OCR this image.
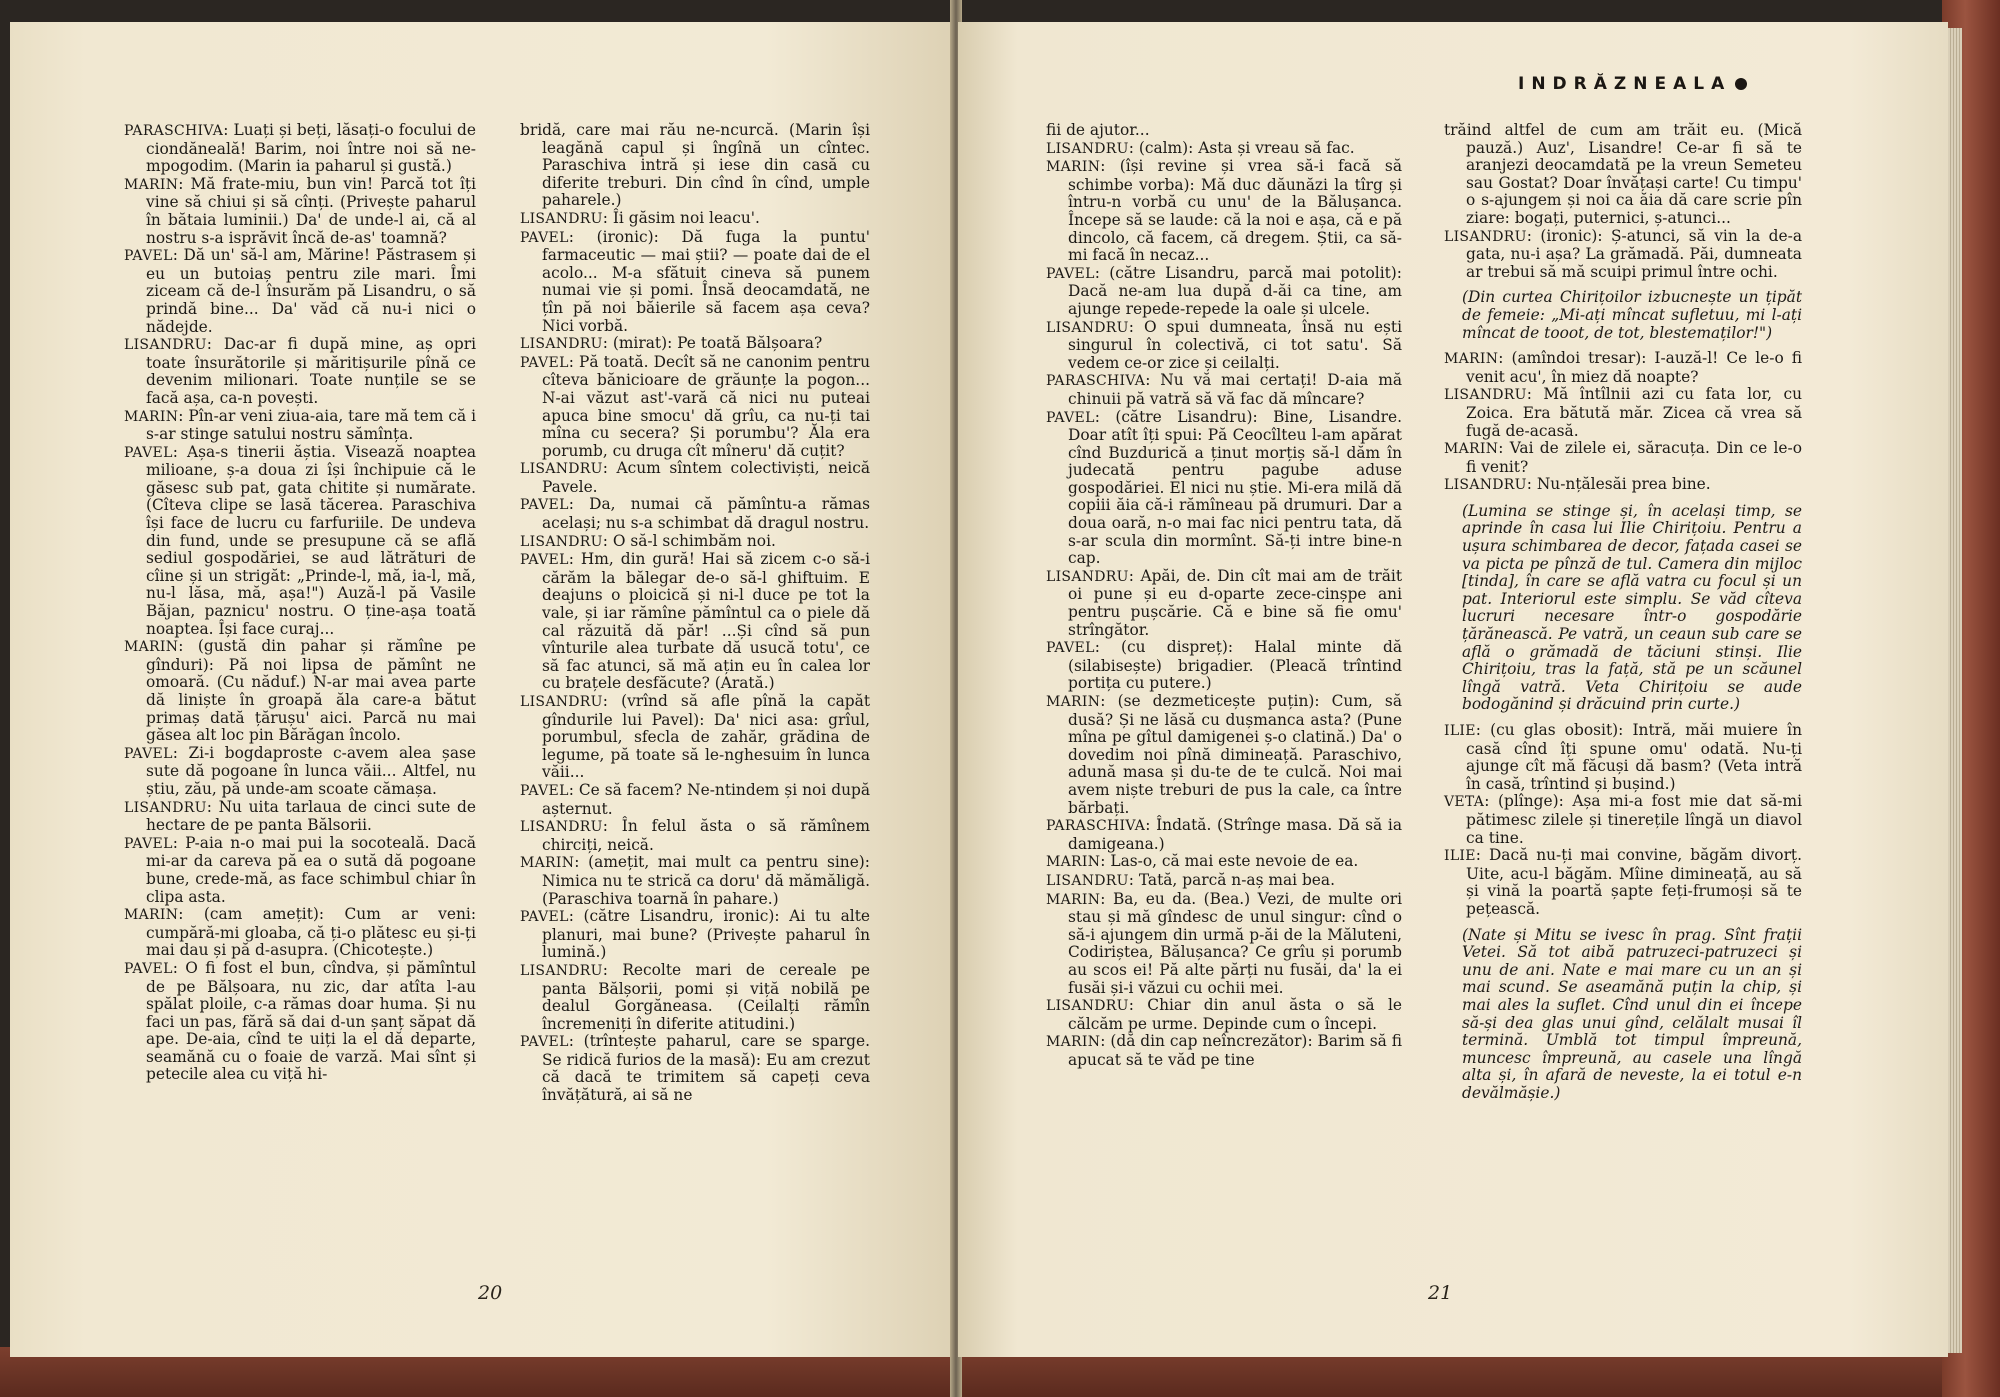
PARASCHIVA: Luați și beți, lăsați-o focului de ciondăneală! Barim, noi între noi să ne-mpogodim. (Marin ia paharul și gustă.)

MARIN: Mă frate-miu, bun vin! Parcă tot îți vine să chiui și să cînți. (Privește paharul în bătaia luminii.) Da' de unde-l ai, că al nostru s-a isprăvit încă de-as' toamnă?

PAVEL: Dă un' să-l am, Mărine! Păstrasem și eu un butoiaș pentru zile mari. Îmi ziceam că de-l însurăm pă Lisandru, o să prindă bine... Da' văd că nu-i nici o nădejde.

LISANDRU: Dac-ar fi după mine, aș opri toate însurătorile și măritișurile pînă ce devenim milionari. Toate nunțile se se facă așa, ca-n povești.

MARIN: Pîn-ar veni ziua-aia, tare mă tem că i s-ar stinge satului nostru sămînța.

PAVEL: Așa-s tinerii ăștia. Visează noaptea milioane, ș-a doua zi își închipuie că le găsesc sub pat, gata chitite și numărate. (Cîteva clipe se lasă tăcerea. Paraschiva își face de lucru cu farfuriile. De undeva din fund, unde se presupune că se află sediul gospodăriei, se aud lătrături de cîine și un strigăt: „Prinde-l, mă, ia-l, mă, nu-l lăsa, mă, așa!") Auză-l pă Vasile Băjan, paznicu' nostru. O ține-așa toată noaptea. Își face curaj...

MARIN: (gustă din pahar și rămîne pe gînduri): Pă noi lipsa de pămînt ne omoară. (Cu năduf.) N-ar mai avea parte dă liniște în groapă ăla care-a bătut primaș dată țărușu' aici. Parcă nu mai găsea alt loc pin Bărăgan încolo.

PAVEL: Zi-i bogdaproste c-avem alea șase sute dă pogoane în lunca văii... Altfel, nu știu, zău, pă unde-am scoate cămașa.

LISANDRU: Nu uita tarlaua de cinci sute de hectare de pe panta Bălsorii.

PAVEL: P-aia n-o mai pui la socoteală. Dacă mi-ar da careva pă ea o sută dă pogoane bune, crede-mă, as face schimbul chiar în clipa asta.

MARIN: (cam amețit): Cum ar veni: cumpără-mi gloaba, că ți-o plătesc eu și-ți mai dau și pă d-asupra. (Chicotește.)

PAVEL: O fi fost el bun, cîndva, și pămîntul de pe Bălșoara, nu zic, dar atîta l-au spălat ploile, c-a rămas doar huma. Și nu faci un pas, fără să dai d-un șanț săpat dă ape. De-aia, cînd te uiți la el dă departe, seamănă cu o foaie de varză. Mai sînt și petecile alea cu viță hi-

bridă, care mai rău ne-ncurcă. (Marin își leagănă capul și îngînă un cîntec. Paraschiva intră și iese din casă cu diferite treburi. Din cînd în cînd, umple paharele.)

LISANDRU: Îi găsim noi leacu'.

PAVEL: (ironic): Dă fuga la puntu' farmaceutic — mai știi? — poate dai de el acolo... M-a sfătuit cineva să punem numai vie și pomi. Însă deocamdată, ne țîn pă noi băierile să facem așa ceva? Nici vorbă.

LISANDRU: (mirat): Pe toată Bălșoara?

PAVEL: Pă toată. Decît să ne canonim pentru cîteva bănicioare de grăunțe la pogon... N-ai văzut ast'-vară că nici nu puteai apuca bine smocu' dă grîu, ca nu-ți tai mîna cu secera? Și porumbu'? Ăla era porumb, cu druga cît mîneru' dă cuțit?

LISANDRU: Acum sîntem colectiviști, neică Pavele.

PAVEL: Da, numai că pămîntu-a rămas același; nu s-a schimbat dă dragul nostru.

LISANDRU: O să-l schimbăm noi.

PAVEL: Hm, din gură! Hai să zicem c-o să-i cărăm la bălegar de-o să-l ghiftuim. E deajuns o ploicică și ni-l duce pe tot la vale, și iar rămîne pămîntul ca o piele dă cal răzuită dă păr! ...Și cînd să pun vînturile alea turbate dă usucă totu', ce să fac atunci, să mă ațin eu în calea lor cu brațele desfăcute? (Arată.)

LISANDRU: (vrînd să afle pînă la capăt gîndurile lui Pavel): Da' nici asa: grîul, porumbul, sfecla de zahăr, grădina de legume, pă toate să le-nghesuim în lunca văii...

PAVEL: Ce să facem? Ne-ntindem și noi după așternut.

LISANDRU: În felul ăsta o să rămînem chirciți, neică.

MARIN: (amețit, mai mult ca pentru sine): Nimica nu te strică ca doru' dă mămăligă. (Paraschiva toarnă în pahare.)

PAVEL: (către Lisandru, ironic): Ai tu alte planuri, mai bune? (Privește paharul în lumină.)

LISANDRU: Recolte mari de cereale pe panta Bălșorii, pomi și viță nobilă pe dealul Gorgăneasa. (Ceilalți rămîn încremeniți în diferite atitudini.)

PAVEL: (trîntește paharul, care se sparge. Se ridică furios de la masă): Eu am crezut că dacă te trimitem să capeți ceva învățătură, ai să ne

20
INDRĂZNEALA

fii de ajutor...

LISANDRU: (calm): Asta și vreau să fac.

MARIN: (își revine și vrea să-i facă să schimbe vorba): Mă duc dăunăzi la tîrg și întru-n vorbă cu unu' de la Bălușanca. Începe să se laude: că la noi e așa, că e pă dincolo, că facem, că dregem. Știi, ca să-mi facă în necaz...

PAVEL: (către Lisandru, parcă mai potolit): Dacă ne-am lua după d-ăi ca tine, am ajunge repede-repede la oale și ulcele.

LISANDRU: O spui dumneata, însă nu ești singurul în colectivă, ci tot satu'. Să vedem ce-or zice și ceilalți.

PARASCHIVA: Nu vă mai certați! D-aia mă chinuii pă vatră să vă fac dă mîncare?

PAVEL: (către Lisandru): Bine, Lisandre. Doar atît îți spui: Pă Ceocîlteu l-am apărat cînd Buzdurică a ținut morțiș să-l dăm în judecată pentru pagube aduse gospodăriei. El nici nu știe. Mi-era milă dă copiii ăia că-i rămîneau pă drumuri. Dar a doua oară, n-o mai fac nici pentru tata, dă s-ar scula din mormînt. Să-ți intre bine-n cap.

LISANDRU: Apăi, de. Din cît mai am de trăit oi pune și eu d-oparte zece-cinșpe ani pentru pușcărie. Că e bine să fie omu' strîngător.

PAVEL: (cu dispreț): Halal minte dă (silabisește) brigadier. (Pleacă trîntind portița cu putere.)

MARIN: (se dezmeticește puțin): Cum, să dusă? Și ne lăsă cu dușmanca asta? (Pune mîna pe gîtul damigenei ș-o clatină.) Da' o dovedim noi pînă dimineață. Paraschivo, adună masa și du-te de te culcă. Noi mai avem niște treburi de pus la cale, ca între bărbați.

PARASCHIVA: Îndată. (Strînge masa. Dă să ia damigeana.)

MARIN: Las-o, că mai este nevoie de ea.

LISANDRU: Tată, parcă n-aș mai bea.

MARIN: Ba, eu da. (Bea.) Vezi, de multe ori stau și mă gîndesc de unul singur: cînd o să-i ajungem din urmă p-ăi de la Măluteni, Codiriștea, Bălușanca? Ce grîu și porumb au scos ei! Pă alte părți nu fusăi, da' la ei fusăi și-i văzui cu ochii mei.

LISANDRU: Chiar din anul ăsta o să le călcăm pe urme. Depinde cum o începi.

MARIN: (dă din cap neîncrezător): Barim să fi apucat să te văd pe tine

trăind altfel de cum am trăit eu. (Mică pauză.) Auz', Lisandre! Ce-ar fi să te aranjezi deocamdată pe la vreun Semeteu sau Gostat? Doar învățași carte! Cu timpu' o s-ajungem și noi ca ăia dă care scrie pîn ziare: bogați, puternici, ș-atunci...

LISANDRU: (ironic): Ș-atunci, să vin la de-a gata, nu-i așa? La grămadă. Păi, dumneata ar trebui să mă scuipi primul între ochi.

(Din curtea Chirițoilor izbucnește un țipăt de femeie: „Mi-ați mîncat sufletuu, mi l-ați mîncat de tooot, de tot, blestemaților!")

MARIN: (amîndoi tresar): I-auză-l! Ce le-o fi venit acu', în miez dă noapte?

LISANDRU: Mă întîlnii azi cu fata lor, cu Zoica. Era bătută măr. Zicea că vrea să fugă de-acasă.

MARIN: Vai de zilele ei, săracuța. Din ce le-o fi venit?

LISANDRU: Nu-nțălesăi prea bine.

(Lumina se stinge și, în același timp, se aprinde în casa lui Ilie Chirițoiu. Pentru a ușura schimbarea de decor, fațada casei se va picta pe pînză de tul. Camera din mijloc [tinda], în care se află vatra cu focul și un pat. Interiorul este simplu. Se văd cîteva lucruri necesare într-o gospodărie țărănească. Pe vatră, un ceaun sub care se află o grămadă de tăciuni stinși. Ilie Chirițoiu, tras la față, stă pe un scăunel lîngă vatră. Veta Chirițoiu se aude bodogănind și drăcuind prin curte.)

ILIE: (cu glas obosit): Intră, măi muiere în casă cînd îți spune omu' odată. Nu-ți ajunge cît mă făcuși dă basm? (Veta intră în casă, trîntind și bușind.)

VETA: (plînge): Așa mi-a fost mie dat să-mi pătimesc zilele și tinerețile lîngă un diavol ca tine.

ILIE: Dacă nu-ți mai convine, băgăm divorț. Uite, acu-l băgăm. Mîine dimineață, au să și vină la poartă șapte feți-frumoși să te pețească.

(Nate și Mitu se ivesc în prag. Sînt frații Vetei. Să tot aibă patruzeci-patruzeci și unu de ani. Nate e mai mare cu un an și mai scund. Se aseamănă puțin la chip, și mai ales la suflet. Cînd unul din ei începe să-și dea glas unui gînd, celălalt musai îl termină. Umblă tot timpul împreună, muncesc împreună, au casele una lîngă alta și, în afară de neveste, la ei totul e-n devălmășie.)

21
